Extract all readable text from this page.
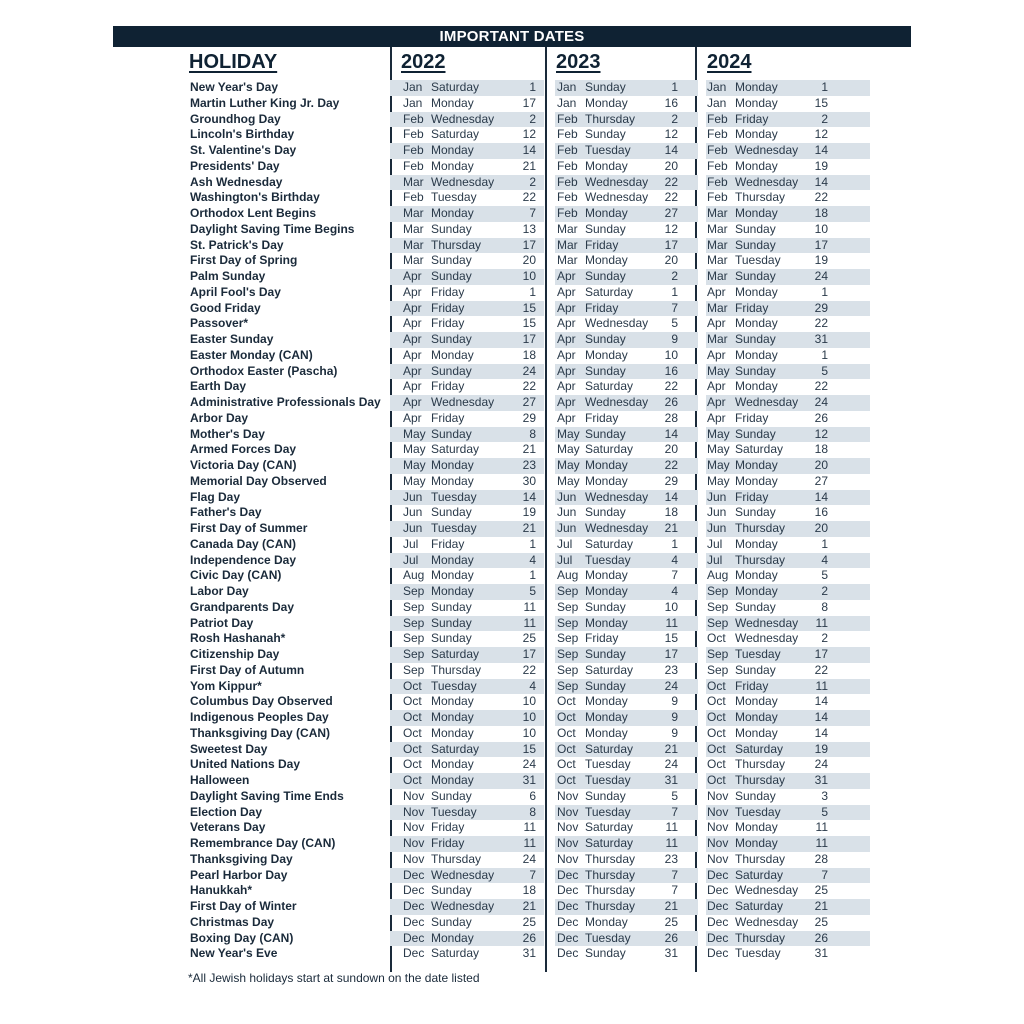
IMPORTANT DATES
HOLIDAY	2022	2023	2024
New Year's Day	Jan Saturday	1 Jan Sunday	1 Jan Monday	1
Martin Luther King Jr. Day	Jan Monday	17 Jan Monday	16 Jan Monday	15
Groundhog Day	Feb Wednesday	2 Feb Thursday	2 Feb Friday	2
Lincoln's Birthday	Feb Saturday	12 Feb Sunday	12 Feb Monday	12
St. Valentine's Day	Feb Monday	14 Feb Tuesday	14 Feb Wednesday	14
Presidents' Day	Feb Monday	21 Feb Monday	20 Feb Monday	19
Ash Wednesday	Mar Wednesday	2 Feb Wednesday	22 Feb Wednesday	14
Washington's Birthday	Feb Tuesday	22 Feb Wednesday	22 Feb Thursday	22
Orthodox Lent Begins	Mar Monday	7 Feb Monday	27 Mar Monday	18
Daylight Saving Time Begins	Mar Sunday	13 Mar Sunday	12 Mar Sunday	10
St. Patrick's Day	Mar Thursday	17 Mar Friday	17 Mar Sunday	17
First Day of Spring	Mar Sunday	20 Mar Monday	20 Mar Tuesday	19
Palm Sunday	Apr Sunday	10 Apr Sunday	2 Mar Sunday	24
April Fool's Day	Apr Friday	1 Apr Saturday	1 Apr Monday	1
Good Friday	Apr Friday	15 Apr Friday	7 Mar Friday	29
Passover*	Apr Friday	15 Apr Wednesday	5 Apr Monday	22
Easter Sunday	Apr Sunday	17 Apr Sunday	9 Mar Sunday	31
Easter Monday (CAN)	Apr Monday	18 Apr Monday	10 Apr Monday	1
Orthodox Easter (Pascha)	Apr Sunday	24 Apr Sunday	16 May Sunday	5
Earth Day	Apr Friday	22 Apr Saturday	22 Apr Monday	22
Administrative Professionals Day Apr Wednesday	27 Apr Wednesday	26 Apr Wednesday	24
Arbor Day	Apr Friday	29 Apr Friday	28 Apr Friday	26
Mother's Day	May Sunday	8 May Sunday	14 May Sunday	12
Armed Forces Day	May Saturday	21 May Saturday	20 May Saturday	18
Victoria Day (CAN)	May Monday	23 May Monday	22 May Monday	20
Memorial Day Observed	May Monday	30 May Monday	29 May Monday	27
Flag Day	Jun Tuesday	14 Jun Wednesday	14 Jun Friday	14
Father's Day	Jun Sunday	19 Jun Sunday	18 Jun Sunday	16
First Day of Summer	Jun Tuesday	21 Jun Wednesday	21 Jun Thursday	20
Canada Day (CAN)	Jul Friday	1 Jul Saturday	1 Jul Monday	1
Independence Day	Jul Monday	4 Jul Tuesday	4 Jul Thursday	4
Civic Day (CAN)	Aug Monday	1 Aug Monday	7 Aug Monday	5
Labor Day	Sep Monday	5 Sep Monday	4 Sep Monday	2
Grandparents Day	Sep Sunday	11 Sep Sunday	10 Sep Sunday	8
Patriot Day	Sep Sunday	11 Sep Monday	11 Sep Wednesday	11
Rosh Hashanah*	Sep Sunday	25 Sep Friday	15 Oct Wednesday	2
Citizenship Day	Sep Saturday	17 Sep Sunday	17 Sep Tuesday	17
First Day of Autumn	Sep Thursday	22 Sep Saturday	23 Sep Sunday	22
Yom Kippur*	Oct Tuesday	4 Sep Sunday	24 Oct Friday	11
Columbus Day Observed	Oct Monday	10 Oct Monday	9 Oct Monday	14
Indigenous Peoples Day	Oct Monday	10 Oct Monday	9 Oct Monday	14
Thanksgiving Day (CAN)	Oct Monday	10 Oct Monday	9 Oct Monday	14
Sweetest Day	Oct Saturday	15 Oct Saturday	21 Oct Saturday	19
United Nations Day	Oct Monday	24 Oct Tuesday	24 Oct Thursday	24
Halloween	Oct Monday	31 Oct Tuesday	31 Oct Thursday	31
Daylight Saving Time Ends	Nov Sunday	6 Nov Sunday	5 Nov Sunday	3
Election Day	Nov Tuesday	8 Nov Tuesday	7 Nov Tuesday	5
Veterans Day	Nov Friday	11 Nov Saturday	11 Nov Monday	11
Remembrance Day (CAN)	Nov Friday	11 Nov Saturday	11 Nov Monday	11
Thanksgiving Day	Nov Thursday	24 Nov Thursday	23 Nov Thursday	28
Pearl Harbor Day	Dec Wednesday	7 Dec Thursday	7 Dec Saturday	7
Hanukkah*	Dec Sunday	18 Dec Thursday	7 Dec Wednesday	25
First Day of Winter	Dec Wednesday	21 Dec Thursday	21 Dec Saturday	21
Christmas Day	Dec Sunday	25 Dec Monday	25 Dec Wednesday	25
Boxing Day (CAN)	Dec Monday	26 Dec Tuesday	26 Dec Thursday	26
New Year's Eve	Dec Saturday	31 Dec Sunday	31 Dec Tuesday	31
*All Jewish holidays start at sundown on the date listed
